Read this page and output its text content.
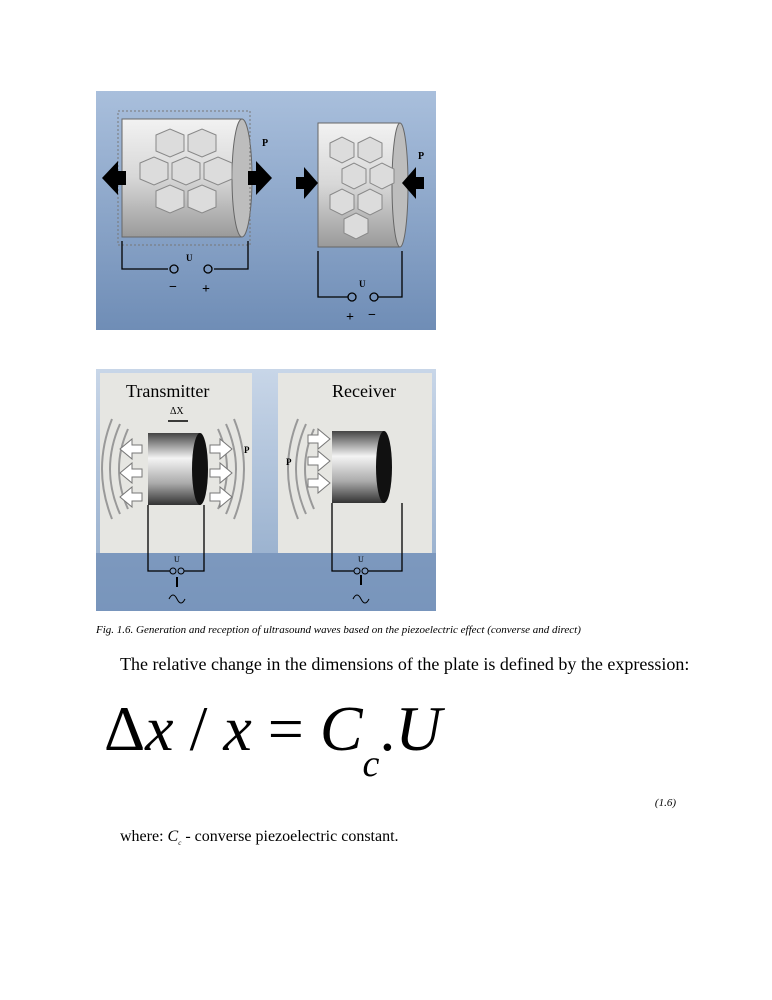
P
U
− +
P
U
+ −
Transmitter
ΔX
P
U
Receiver
P
U
Fig. 1.6. Generation and reception of ultrasound waves based on the piezoelectric effect (converse and direct)
The relative change in the dimensions of the plate is defined by the expression:
$\Delta x / x = C_c.U$
(1.6)
where: $C_c$ - converse piezoelectric constant.
